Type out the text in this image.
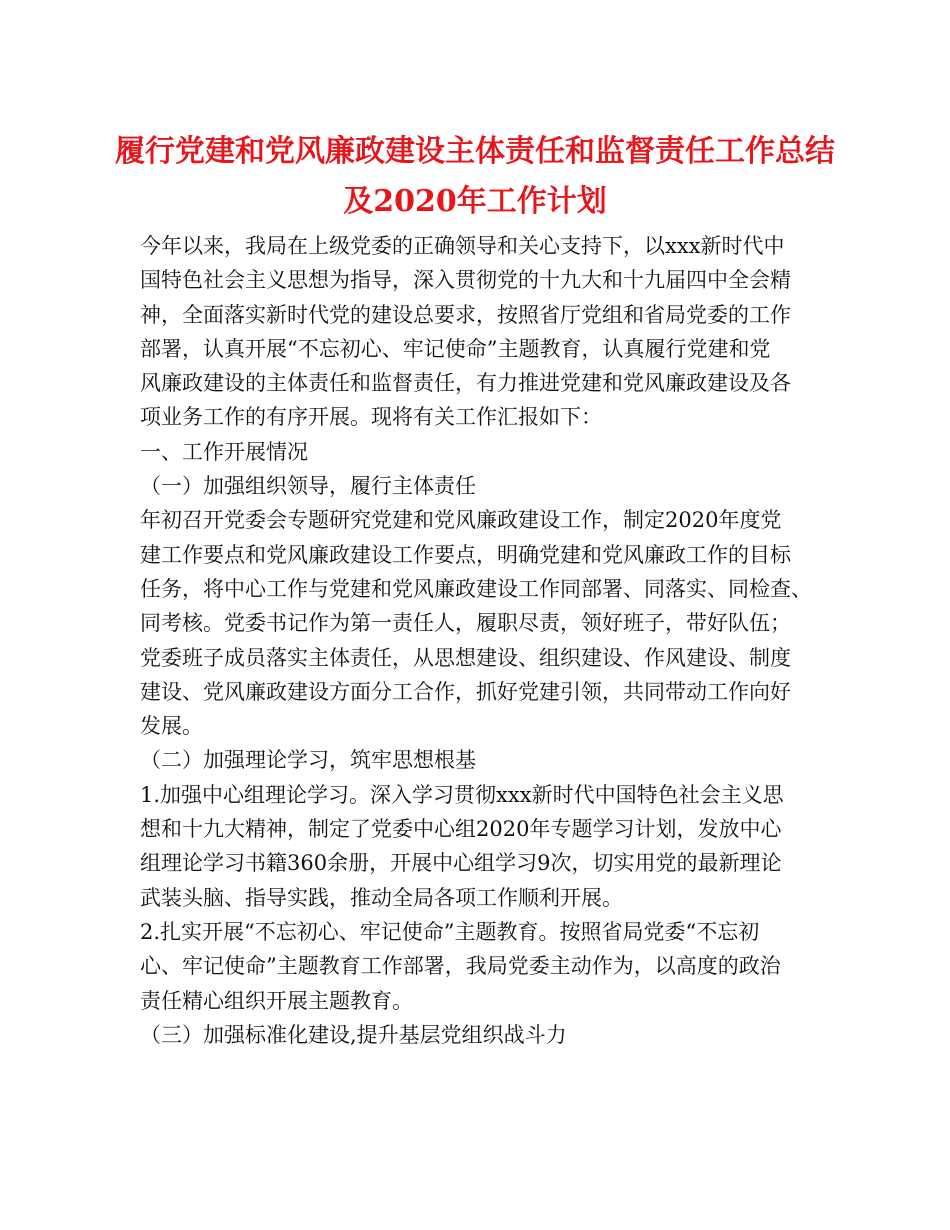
履行党建和党风廉政建设主体责任和监督责任工作总结
及2020年工作计划

今年以来，我局在上级党委的正确领导和关心支持下，以xxx新时代中

国特色社会主义思想为指导，深入贯彻党的十九大和十九届四中全会精

神，全面落实新时代党的建设总要求，按照省厅党组和省局党委的工作

部署，认真开展“不忘初心、牢记使命”主题教育，认真履行党建和党

风廉政建设的主体责任和监督责任，有力推进党建和党风廉政建设及各

项业务工作的有序开展。现将有关工作汇报如下：

一、工作开展情况

（一）加强组织领导，履行主体责任

年初召开党委会专题研究党建和党风廉政建设工作，制定2020年度党

建工作要点和党风廉政建设工作要点，明确党建和党风廉政工作的目标

任务，将中心工作与党建和党风廉政建设工作同部署、同落实、同检查、

同考核。党委书记作为第一责任人，履职尽责，领好班子，带好队伍；

党委班子成员落实主体责任，从思想建设、组织建设、作风建设、制度

建设、党风廉政建设方面分工合作，抓好党建引领，共同带动工作向好

发展。

（二）加强理论学习，筑牢思想根基

1.加强中心组理论学习。深入学习贯彻xxx新时代中国特色社会主义思

想和十九大精神，制定了党委中心组2020年专题学习计划，发放中心

组理论学习书籍360余册，开展中心组学习9次，切实用党的最新理论

武装头脑、指导实践，推动全局各项工作顺利开展。

2.扎实开展“不忘初心、牢记使命”主题教育。按照省局党委“不忘初

心、牢记使命”主题教育工作部署，我局党委主动作为，以高度的政治

责任精心组织开展主题教育。

（三）加强标准化建设,提升基层党组织战斗力
